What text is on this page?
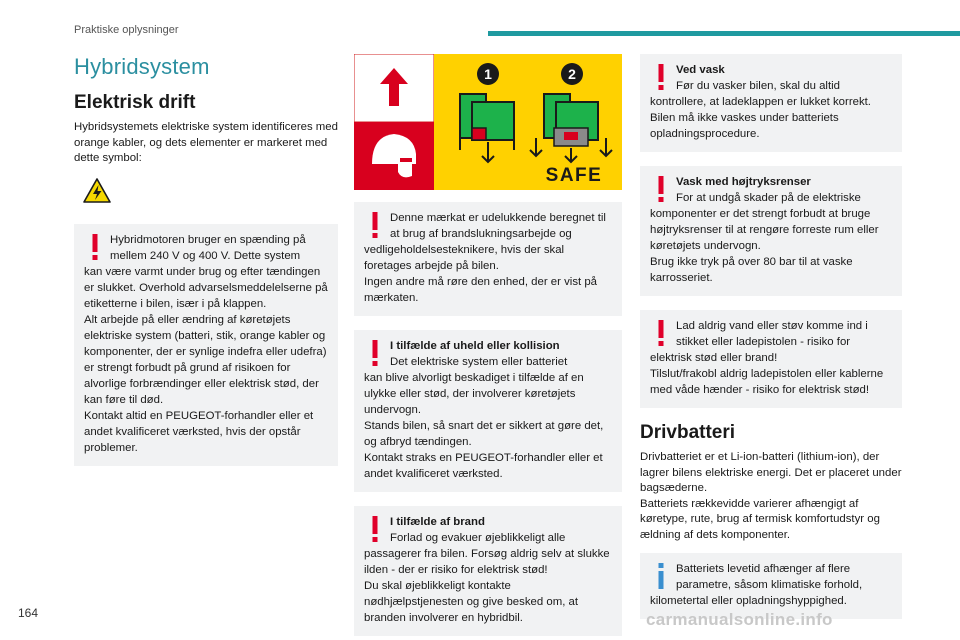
Praktiske oplysninger
Hybridsystem
Elektrisk drift
Hybridsystemets elektriske system identificeres med orange kabler, og dets elementer er markeret med dette symbol:
Hybridmotoren bruger en spænding på mellem 240 V og 400 V. Dette system
kan være varmt under brug og efter tændingen er slukket. Overhold advarselsmeddelelserne på etiketterne i bilen, især i på klappen.
Alt arbejde på eller ændring af køretøjets elektriske system (batteri, stik, orange kabler og komponenter, der er synlige indefra eller udefra) er strengt forbudt på grund af risikoen for alvorlige forbrændinger eller elektrisk stød, der kan føre til død.
Kontakt altid en PEUGEOT-forhandler eller et andet kvalificeret værksted, hvis der opstår problemer.
1	2
SAFE
Denne mærkat er udelukkende beregnet til at brug af brandslukningsarbejde og
vedligeholdelsesteknikere, hvis der skal foretages arbejde på bilen.
Ingen andre må røre den enhed, der er vist på mærkaten.
I tilfælde af uheld eller kollision
Det elektriske system eller batteriet
kan blive alvorligt beskadiget i tilfælde af en ulykke eller stød, der involverer køretøjets undervogn.
Stands bilen, så snart det er sikkert at gøre det, og afbryd tændingen.
Kontakt straks en PEUGEOT-forhandler eller et andet kvalificeret værksted.
I tilfælde af brand
Forlad og evakuer øjeblikkeligt alle
passagerer fra bilen. Forsøg aldrig selv at slukke ilden - der er risiko for elektrisk stød!
Du skal øjeblikkeligt kontakte nødhjælpstjenesten og give besked om, at branden involverer en hybridbil.
Ved vask
Før du vasker bilen, skal du altid
kontrollere, at ladeklappen er lukket korrekt. Bilen må ikke vaskes under batteriets opladningsprocedure.
Vask med højtryksrenser
For at undgå skader på de elektriske
komponenter er det strengt forbudt at bruge højtryksrenser til at rengøre forreste rum eller køretøjets undervogn.
Brug ikke tryk på over 80 bar til at vaske karrosseriet.
Lad aldrig vand eller støv komme ind i stikket eller ladepistolen - risiko for
elektrisk stød eller brand!
Tilslut/frakobl aldrig ladepistolen eller kablerne med våde hænder - risiko for elektrisk stød!
Drivbatteri
Drivbatteriet er et Li-ion-batteri (lithium-ion), der lagrer bilens elektriske energi. Det er placeret under bagsæderne.
Batteriets rækkevidde varierer afhængigt af køretype, rute, brug af termisk komfortudstyr og ældning af dets komponenter.
Batteriets levetid afhænger af flere parametre, såsom klimatiske forhold,
kilometertal eller opladningshyppighed.
164	carmanualsonline.info
